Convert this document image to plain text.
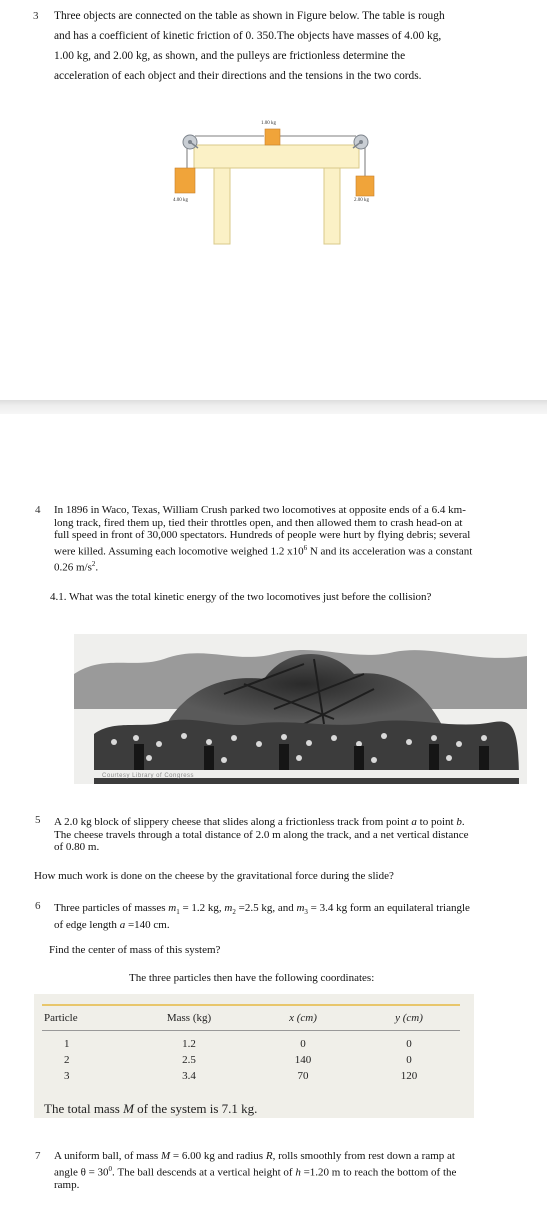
3 Three objects are connected on the table as shown in Figure below. The table is rough
and has a coefficient of kinetic friction of 0. 350.The objects have masses of 4.00 kg,
1.00 kg, and 2.00 kg, as shown, and the pulleys are frictionless determine the
acceleration of each object and their directions and the tensions in the two cords.
1.00 kg
4.00 kg	2.00 kg
4 In 1896 in Waco, Texas, William Crush parked two locomotives at opposite ends of a 6.4 km-
long track, fired them up, tied their throttles open, and then allowed them to crash head-on at
full speed in front of 30,000 spectators. Hundreds of people were hurt by flying debris; several
were killed. Assuming each locomotive weighed 1.2 $x10^6$ N and its acceleration was a constant
0.26 $m/s^2$.
4.1. What was the total kinetic energy of the two locomotives just before the collision?
Courtesy Library of Congress
5 A 2.0 kg block of slippery cheese that slides along a frictionless track from point a to point b.
The cheese travels through a total distance of 2.0 m along the track, and a net vertical distance
of 0.80 m.
How much work is done on the cheese by the gravitational force during the slide?
6 Three particles of masses $m_1 = 1.2$ kg, $m_2 =2.5$ kg, and $m_3 = 3.4$ kg form an equilateral triangle
of edge length a =140 cm.
Find the center of mass of this system?
The three particles then have the following coordinates:
Particle	Mass (kg)	x (cm)	y (cm)
1	1.2	0	0
2	2.5	140	0
3	3.4	70	120
The total mass M of the system is 7.1 kg.
7 A uniform ball, of mass M = 6.00 kg and radius R, rolls smoothly from rest down a ramp at
angle $\theta = 30^0$. The ball descends at a vertical height of h =1.20 m to reach the bottom of the
ramp.
